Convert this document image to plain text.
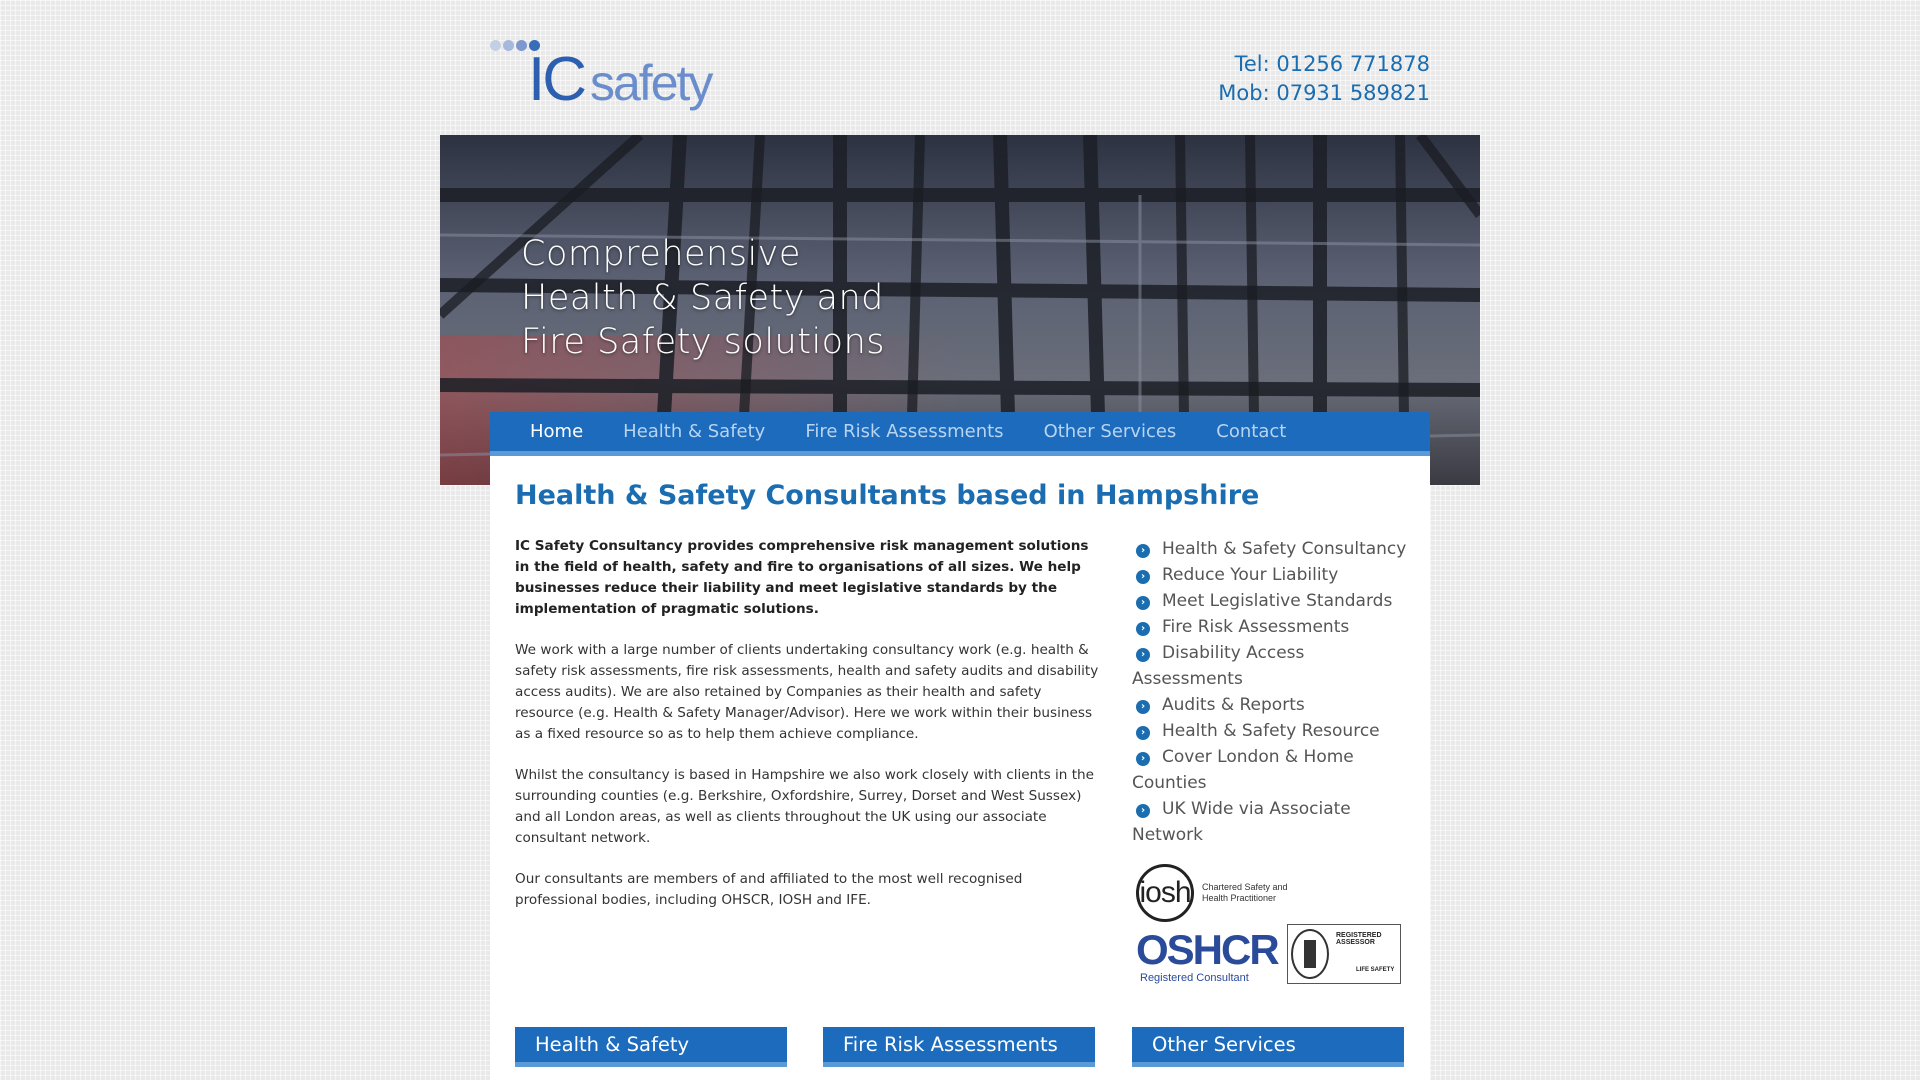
IC safety	Tel: 01256 771878
Mob: 07931 589821
Comprehensive
Health & Safety and
Fire Safety solutions
Home Health & Safety Fire Risk Assessments Other Services Contact
Health & Safety Consultants based in Hampshire

IC Safety Consultancy provides comprehensive risk management solutions in the field of health, safety and fire to organisations of all sizes. We help businesses reduce their liability and meet legislative standards by the implementation of pragmatic solutions.

We work with a large number of clients undertaking consultancy work (e.g. health & safety risk assessments, fire risk assessments, health and safety audits and disability access audits). We are also retained by Companies as their health and safety resource (e.g. Health & Safety Manager/Advisor). Here we work within their business as a fixed resource so as to help them achieve compliance.

Whilst the consultancy is based in Hampshire we also work closely with clients in the surrounding counties (e.g. Berkshire, Oxfordshire, Surrey, Dorset and West Sussex) and all London areas, as well as clients throughout the UK using our associate consultant network.

Our consultants are members of and affiliated to the most well recognised professional bodies, including OHSCR, IOSH and IFE.

› Health & Safety Consultancy
› Reduce Your Liability
› Meet Legislative Standards
› Fire Risk Assessments
› Disability Access Assessments
› Audits & Reports
› Health & Safety Resource
› Cover London & Home Counties
› UK Wide via Associate Network
iosh	Chartered Safety and Health Practitioner
OSHCR
Registered Consultant
REGISTERED ASSESSOR
LIFE SAFETY
Health & Safety	Fire Risk Assessments	Other Services
